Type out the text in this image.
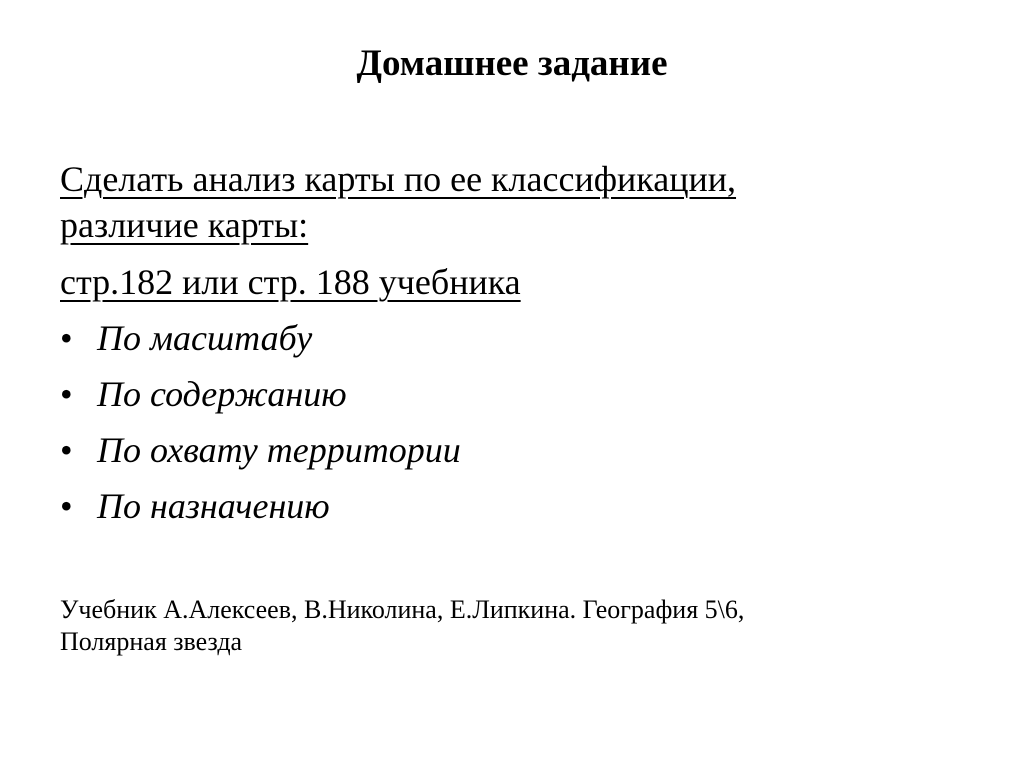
Домашнее задание
Сделать анализ карты по ее классификации,
различие карты:
стр.182 или стр. 188 учебника
• По масштабу
• По содержанию
• По охвату территории
• По назначению
Учебник А.Алексеев, В.Николина, Е.Липкина. География 5\6,
Полярная звезда
